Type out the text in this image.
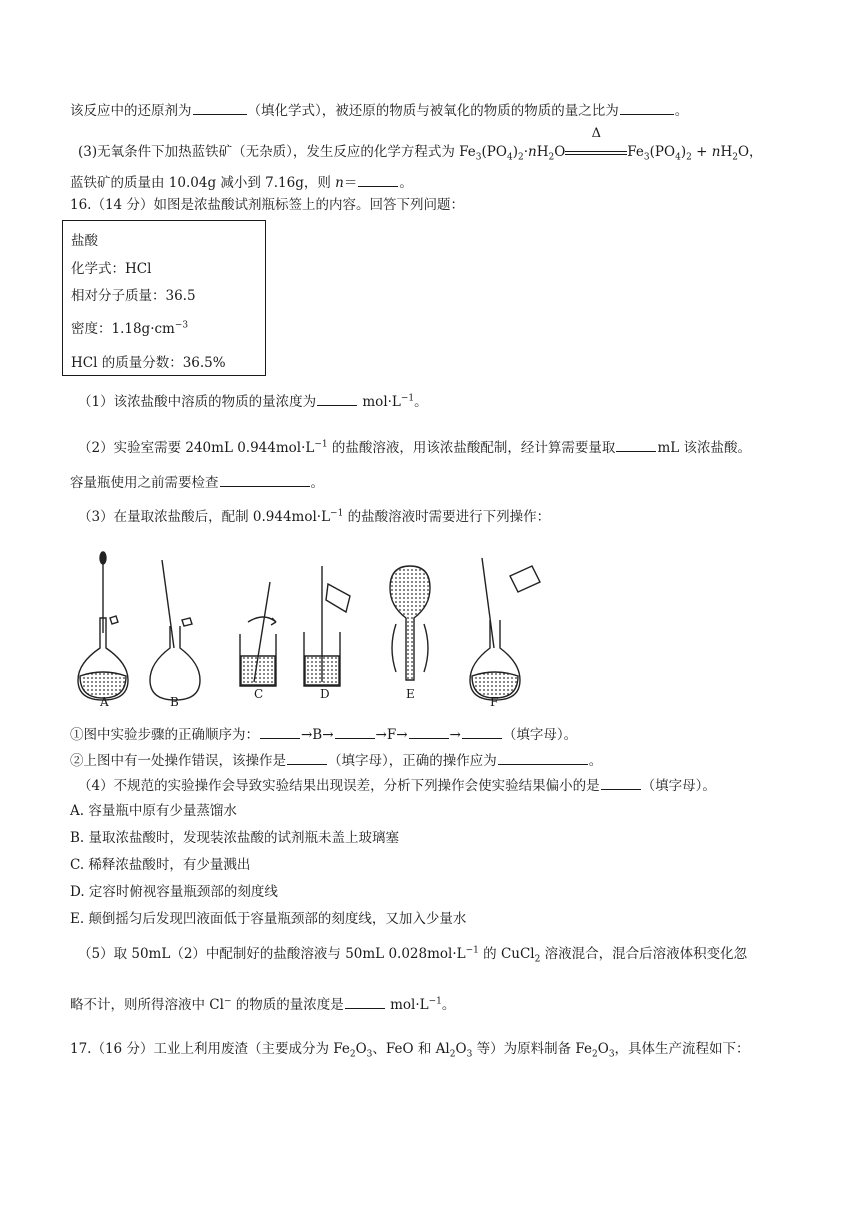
该反应中的还原剂为	（填化学式），被还原的物质与被氧化的物质的物质的量之比为	。
(3)无氧条件下加热蓝铁矿（无杂质），发生反应的化学方程式为 $Fe_3(PO_4)_2\cdot nH_2O$
Δ
$Fe_3(PO_4)_2 + nH_2O$，
蓝铁矿的质量由 10.04g 减小到 7.16g，则 n＝	。
16.（14 分）如图是浓盐酸试剂瓶标签上的内容。回答下列问题：
盐酸
化学式：HCl
相对分子质量：36.5
密度：$1.18g\cdot cm^{-3}$
HCl 的质量分数：36.5%
（1）该浓盐酸中溶质的物质的量浓度为	$mol\cdot L^{-1}$。
（2）实验室需要 240mL $0.944mol\cdot L^{-1}$ 的盐酸溶液，用该浓盐酸配制，经计算需要量取	mL 该浓盐酸。
容量瓶使用之前需要检查	。
（3）在量取浓盐酸后，配制 $0.944mol\cdot L^{-1}$ 的盐酸溶液时需要进行下列操作：
A	B
C	D	E
F
①图中实验步骤的正确顺序为：	→B→	→F→	→	（填字母）。
②上图中有一处操作错误，该操作是	（填字母），正确的操作应为	。
（4）不规范的实验操作会导致实验结果出现误差，分析下列操作会使实验结果偏小的是	（填字母）。
A. 容量瓶中原有少量蒸馏水
B. 量取浓盐酸时，发现装浓盐酸的试剂瓶未盖上玻璃塞
C. 稀释浓盐酸时，有少量溅出
D. 定容时俯视容量瓶颈部的刻度线
E. 颠倒摇匀后发现凹液面低于容量瓶颈部的刻度线，又加入少量水
（5）取 50mL（2）中配制好的盐酸溶液与 50mL $0.028mol\cdot L^{-1}$ 的 CuCl$_2$ 溶液混合，混合后溶液体积变化忽
略不计，则所得溶液中 Cl− 的物质的量浓度是	$mol\cdot L^{-1}$。
17.（16 分）工业上利用废渣（主要成分为 $Fe_2O_3$、FeO 和 $Al_2O_3$ 等）为原料制备 $Fe_2O_3$，具体生产流程如下：
